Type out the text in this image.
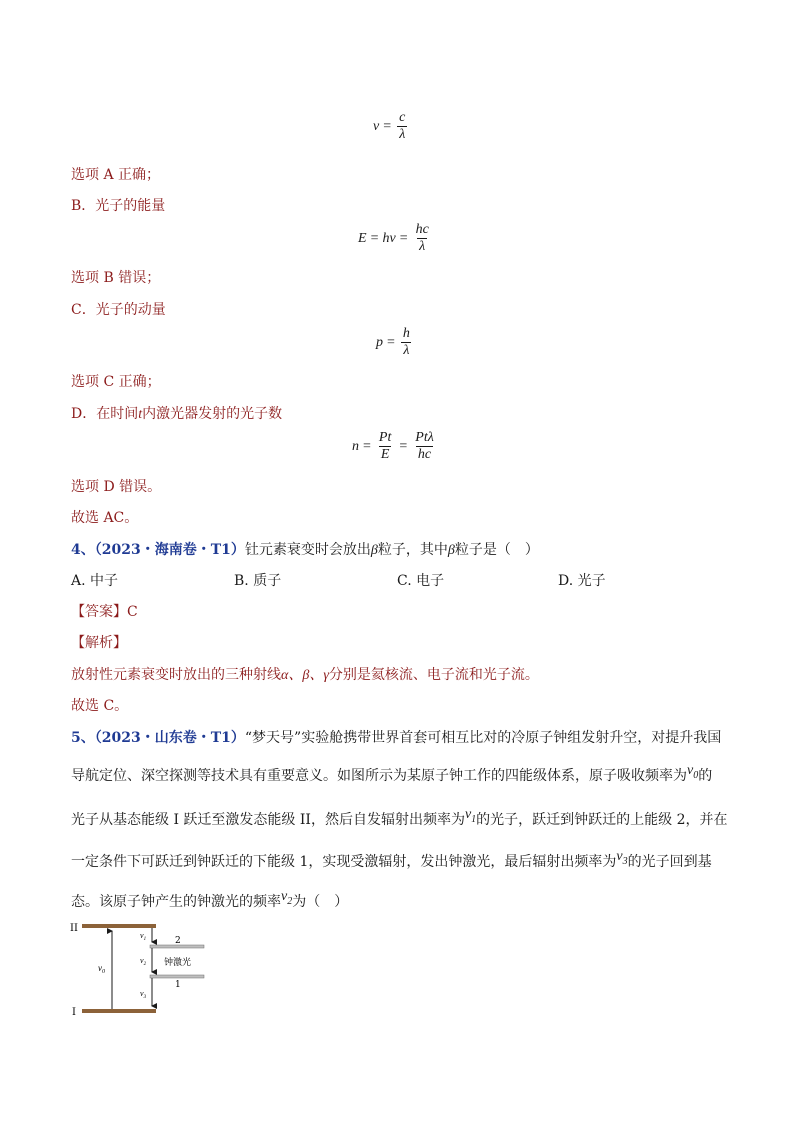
$\nu = \frac{c}{\lambda}$
选项 A 正确；
B．光子的能量
$E = h\nu = \frac{hc}{\lambda}$
选项 B 错误；
C．光子的动量
$p = \frac{h}{\lambda}$
选项 C 正确；
D．在时间t内激光器发射的光子数
$n = \frac{Pt}{E} = \frac{\text{Ptλ}}{hc}$
选项 D 错误。
故选 AC。
4、（2023・海南卷・T1）钍元素衰变时会放出β粒子，其中β粒子是（　）
A. 中子	B. 质子	C. 电子	D. 光子
【答案】C
【解析】
放射性元素衰变时放出的三种射线α、β、γ分别是氦核流、电子流和光子流。
故选 C。
5、（2023・山东卷・T1）“梦天号”实验舱携带世界首套可相互比对的冷原子钟组发射升空，对提升我国
导航定位、深空探测等技术具有重要意义。如图所示为某原子钟工作的四能级体系，原子吸收频率为$\nu_0$的
光子从基态能级 I 跃迁至激发态能级 II，然后自发辐射出频率为$\nu_1$的光子，跃迁到钟跃迁的上能级 2，并在
一定条件下可跃迁到钟跃迁的下能级 1，实现受激辐射，发出钟激光，最后辐射出频率为$\nu_3$的光子回到基
态。该原子钟产生的钟激光的频率$\nu_2$为（　）
II
I
2
1
钟激光
$\nu_0$
$\nu_1$
$\nu_2$
$\nu_3$
